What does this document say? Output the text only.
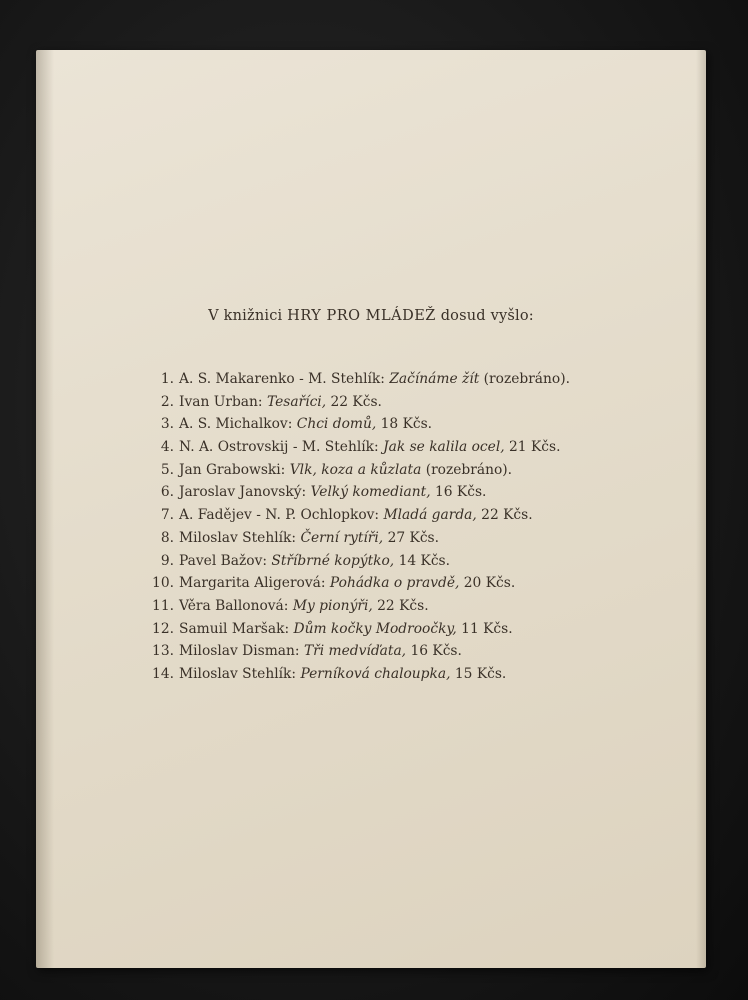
V knižnici HRY PRO MLÁDEŽ dosud vyšlo:
1. A. S. Makarenko - M. Stehlík: Začínáme žít (rozebráno).
2. Ivan Urban: Tesaříci, 22 Kčs.
3. A. S. Michalkov: Chci domů, 18 Kčs.
4. N. A. Ostrovskij - M. Stehlík: Jak se kalila ocel, 21 Kčs.
5. Jan Grabowski: Vlk, koza a kůzlata (rozebráno).
6. Jaroslav Janovský: Velký komediant, 16 Kčs.
7. A. Fadějev - N. P. Ochlopkov: Mladá garda, 22 Kčs.
8. Miloslav Stehlík: Černí rytíři, 27 Kčs.
9. Pavel Bažov: Stříbrné kopýtko, 14 Kčs.
10. Margarita Aligerová: Pohádka o pravdě, 20 Kčs.
11. Věra Ballonová: My pionýři, 22 Kčs.
12. Samuil Maršak: Dům kočky Modroočky, 11 Kčs.
13. Miloslav Disman: Tři medvíďata, 16 Kčs.
14. Miloslav Stehlík: Perníková chaloupka, 15 Kčs.
